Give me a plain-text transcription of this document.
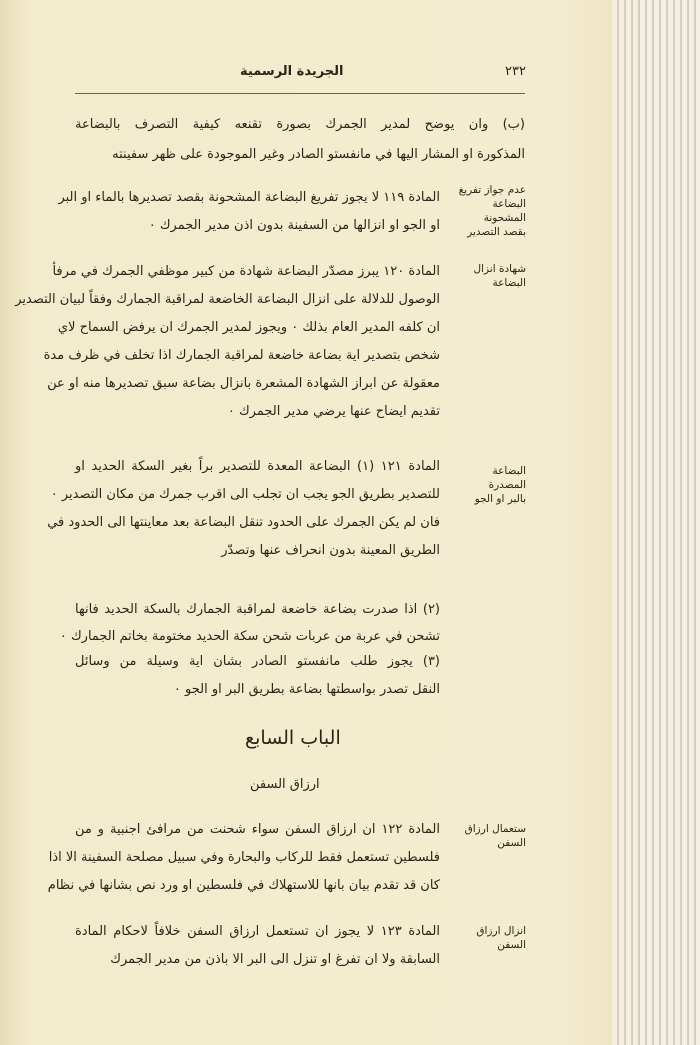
٢٣٢
الجريدة الرسمية
(ب) وان يوضح لمدير الجمرك بصورة تقنعه كيفية التصرف بالبضاعة
المذكورة او المشار اليها في مانفستو الصادر وغير الموجودة على ظهر سفينته
المادة ١١٩ لا يجوز تفريغ البضاعة المشحونة بقصد تصديرها بالماء او البر
او الجو او انزالها من السفينة بدون اذن مدير الجمرك ٠
عدم جواز تفريغ
البضاعة المشحونة
بقصد التصدير
المادة ١٢٠ يبرز مصدّر البضاعة شهادة من كبير موظفي الجمرك في مرفأ
الوصول للدلالة على انزال البضاعة الخاضعة لمراقبة الجمارك وفقاً لبيان التصدير
ان كلفه المدير العام بذلك ٠ ويجوز لمدير الجمرك ان يرفض السماح لاي
شخص بتصدير اية بضاعة خاضعة لمراقبة الجمارك اذا تخلف في ظرف مدة
معقولة عن ابراز الشهادة المشعرة بانزال بضاعة سبق تصديرها منه او عن
تقديم ايضاح عنها يرضي مدير الجمرك ٠
شهادة انزال
البضاعة
المادة ١٢١ (١) البضاعة المعدة للتصدير براً بغير السكة الحديد او
للتصدير بطريق الجو يجب ان تجلب الى اقرب جمرك من مكان التصدير ٠
فان لم يكن الجمرك على الحدود تنقل البضاعة بعد معاينتها الى الحدود في
الطريق المعينة بدون انحراف عنها وتصدّر
البضاعة المصدرة
بالبر او الجو
(٢) اذا صدرت بضاعة خاضعة لمراقبة الجمارك بالسكة الحديد فانها
تشحن في عربة من عربات شحن سكة الحديد مختومة بخاتم الجمارك ٠
(٣) يجوز طلب مانفستو الصادر بشان اية وسيلة من وسائل
النقل تصدر بواسطتها بضاعة بطريق البر او الجو ٠
المادة ١٢٢ ان ارزاق السفن سواء شحنت من مرافئ اجنبية و من
فلسطين تستعمل فقط للركاب والبحارة وفي سبيل مصلحة السفينة الا اذا
كان قد تقدم بيان بانها للاستهلاك في فلسطين او ورد نص بشانها في نظام
ستعمال ارزاق السفن
المادة ١٢٣ لا يجوز ان تستعمل ارزاق السفن خلافاً لاحكام المادة
السابقة ولا ان تفرغ او تنزل الى البر الا باذن من مدير الجمرك
انزال ارزاق السفن
الباب السابع
ارزاق السفن
